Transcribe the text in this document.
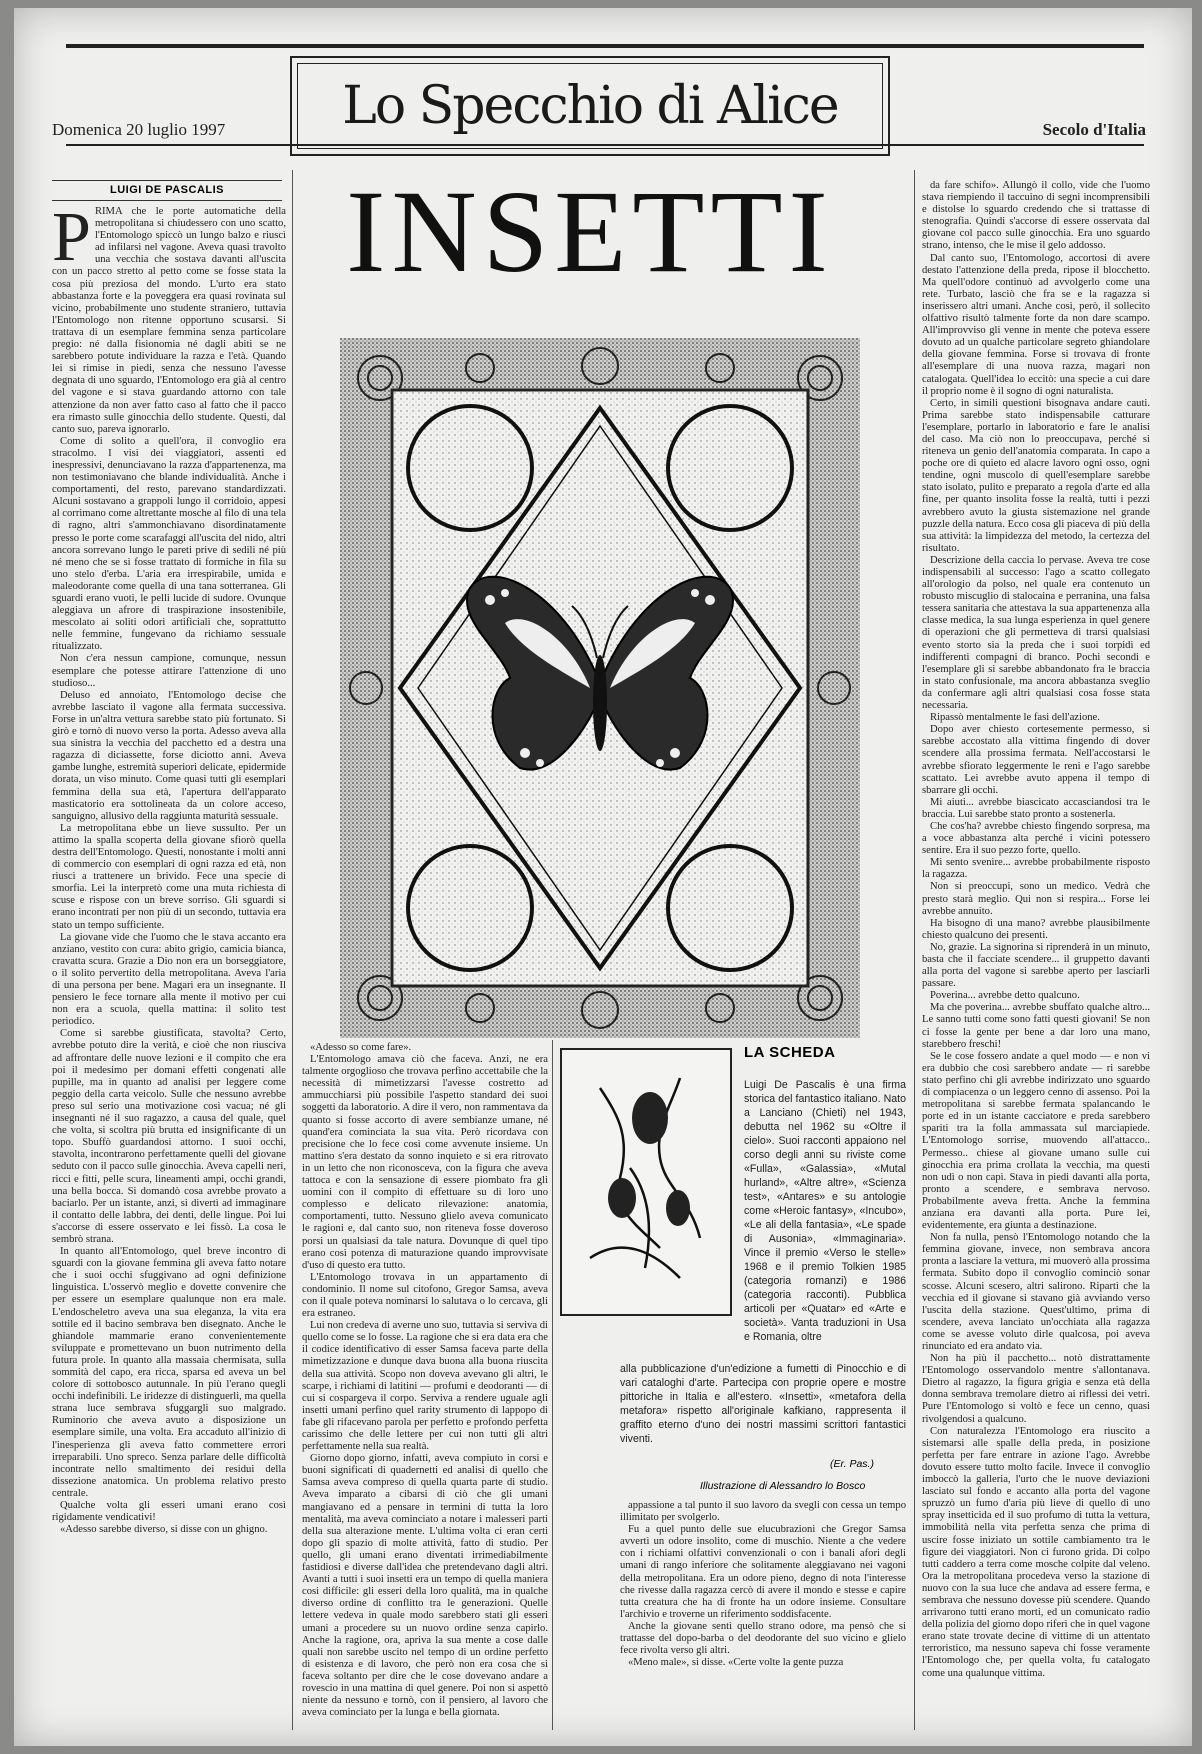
Lo Specchio di Alice
Domenica 20 luglio 1997	Secolo d'Italia
LUIGI DE PASCALIS
P RIMA che le porte automatiche della metropolitana si chiudessero con uno scatto, l'Entomologo spiccò un lungo balzo e riuscì ad infilarsi nel vagone. Aveva quasi travolto una vecchia che sostava davanti all'uscita con un pacco stretto al petto come se fosse stata la cosa più preziosa del mondo. L'urto era stato abbastanza forte e la poveggera era quasi rovinata sul vicino, probabilmente uno studente straniero, tuttavia l'Entomologo non ritenne opportuno scusarsi. Si trattava di un esemplare femmina senza particolare pregio: né dalla fisionomia né dagli abiti se ne sarebbero potute individuare la razza e l'età. Quando lei si rimise in piedi, senza che nessuno l'avesse degnata di uno sguardo, l'Entomologo era già al centro del vagone e si stava guardando attorno con tale attenzione da non aver fatto caso al fatto che il pacco era rimasto sulle ginocchia dello studente. Questi, dal canto suo, pareva ignorarlo.

Come di solito a quell'ora, il convoglio era stracolmo. I visi dei viaggiatori, assenti ed inespressivi, denunciavano la razza d'appartenenza, ma non testimoniavano che blande individualità. Anche i comportamenti, del resto, parevano standardizzati. Alcuni sostavano a grappoli lungo il corridoio, appesi al corrimano come altrettante mosche al filo di una tela di ragno, altri s'ammonchiavano disordinatamente presso le porte come scarafaggi all'uscita del nido, altri ancora sorrevano lungo le pareti prive di sedili né più né meno che se si fosse trattato di formiche in fila su uno stelo d'erba. L'aria era irrespirabile, umida e maleodorante come quella di una tana sotterranea. Gli sguardi erano vuoti, le pelli lucide di sudore. Ovunque aleggiava un afrore di traspirazione insostenibile, mescolato ai soliti odori artificiali che, soprattutto nelle femmine, fungevano da richiamo sessuale ritualizzato.

Non c'era nessun campione, comunque, nessun esemplare che potesse attirare l'attenzione di uno studioso...

Deluso ed annoiato, l'Entomologo decise che avrebbe lasciato il vagone alla fermata successiva. Forse in un'altra vettura sarebbe stato più fortunato. Si girò e tornò di nuovo verso la porta. Adesso aveva alla sua sinistra la vecchia del pacchetto ed a destra una ragazza di diciassette, forse diciotto anni. Aveva gambe lunghe, estremità superiori delicate, epidermide dorata, un viso minuto. Come quasi tutti gli esemplari femmina della sua età, l'apertura dell'apparato masticatorio era sottolineata da un colore acceso, sanguigno, allusivo della raggiunta maturità sessuale.

La metropolitana ebbe un lieve sussulto. Per un attimo la spalla scoperta della giovane sfiorò quella destra dell'Entomologo. Questi, nonostante i molti anni di commercio con esemplari di ogni razza ed età, non riuscì a trattenere un brivido. Fece una specie di smorfia. Lei la interpretò come una muta richiesta di scuse e rispose con un breve sorriso. Gli sguardi si erano incontrati per non più di un secondo, tuttavia era stato un tempo sufficiente.

La giovane vide che l'uomo che le stava accanto era anziano, vestito con cura: abito grigio, camicia bianca, cravatta scura. Grazie a Dio non era un borseggiatore, o il solito pervertito della metropolitana. Aveva l'aria di una persona per bene. Magari era un insegnante. Il pensiero le fece tornare alla mente il motivo per cui non era a scuola, quella mattina: il solito test periodico.

Come si sarebbe giustificata, stavolta? Certo, avrebbe potuto dire la verità, e cioè che non riusciva ad affrontare delle nuove lezioni e il compito che era poi il medesimo per domani effetti congenati alle pupille, ma in quanto ad analisi per leggere come peggio della carta veicolo. Sulle che nessuno avrebbe preso sul serio una motivazione così vacua; né gli insegnanti né il suo ragazzo, a causa del quale, quel che volta, si scoltra più brutta ed insignificante di un topo. Sbuffò guardandosi attorno. I suoi occhi, stavolta, incontrarono perfettamente quelli del giovane seduto con il pacco sulle ginocchia. Aveva capelli neri, ricci e fitti, pelle scura, lineamenti ampi, occhi grandi, una bella bocca. Si domandò cosa avrebbe provato a baciarlo. Per un istante, anzi, si divertì ad immaginare il contatto delle labbra, dei denti, delle lingue. Poi lui s'accorse di essere osservato e lei fissò. La cosa le sembrò strana.

In quanto all'Entomologo, quel breve incontro di sguardi con la giovane femmina gli aveva fatto notare che i suoi occhi sfuggivano ad ogni definizione linguistica. L'osservò meglio e dovette convenire che per essere un esemplare qualunque non era male. L'endoscheletro aveva una sua eleganza, la vita era sottile ed il bacino sembrava ben disegnato. Anche le ghiandole mammarie erano convenientemente sviluppate e promettevano un buon nutrimento della futura prole. In quanto alla massaia chermisata, sulla sommità del capo, era ricca, sparsa ed aveva un bel colore di sottobosco autunnale. In più l'erano quegli occhi indefinibili. Le iridezze di distinguerli, ma quella strana luce sembrava sfuggargli suo malgrado. Ruminorio che aveva avuto a disposizione un esemplare simile, una volta. Era accaduto all'inizio di l'inesperienza gli aveva fatto commettere errori irreparabili. Uno spreco. Senza parlare delle difficoltà incontrate nello smaltimento dei residui della dissezione anatomica. Un problema relativo presto centrale.

Qualche volta gli esseri umani erano così rigidamente vendicativi!

«Adesso sarebbe diverso, si disse con un ghigno.

INSETTI

«Adesso so come fare».

L'Entomologo amava ciò che faceva. Anzi, ne era talmente orgoglioso che trovava perfino accettabile che la necessità di mimetizzarsi l'avesse costretto ad ammucchiarsi più possibile l'aspetto standard dei suoi soggetti da laboratorio. A dire il vero, non rammentava da quanto si fosse accorto di avere sembianze umane, né quand'era cominciata la sua vita. Però ricordava con precisione che lo fece così come avvenute insieme. Un mattino s'era destato da sonno inquieto e si era ritrovato in un letto che non riconosceva, con la figura che aveva tattoca e con la sensazione di essere piombato fra gli uomini con il compito di effettuare su di loro uno complesso e delicato rilevazione: anatomia, comportamenti, tutto. Nessuno glielo aveva comunicato le ragioni e, dal canto suo, non riteneva fosse doveroso porsi un qualsiasi da tale natura. Dovunque di quel tipo erano così potenza di maturazione quando improvvisate d'uso di questo era tutto.

L'Entomologo trovava in un appartamento di condominio. Il nome sul citofono, Gregor Samsa, aveva con il quale poteva nominarsi lo salutava o lo cercava, gli era estraneo.

Lui non credeva di averne uno suo, tuttavia si serviva di quello come se lo fosse. La ragione che si era data era che il codice identificativo di esser Samsa faceva parte della mimetizzazione e dunque dava buona alla buona riuscita della sua attività. Scopo non doveva avevano gli altri, le scarpe, i richiami di latitini — profumi e deodoranti — di cui si cospargeva il corpo. Serviva a rendere uguale agli insetti umani perfino quel rarity strumento di lappopo di fabe gli rifacevano parola per perfetto e profondo perfetta carissimo che delle lettere per cui non tutti gli altri perfettamente nella sua realtà.

Giorno dopo giorno, infatti, aveva compiuto in corsi e buoni significati di quadernetti ed analisi di quello che Samsa aveva compreso di quella quarta parte di studio. Aveva imparato a cibarsi di ciò che gli umani mangiavano ed a pensare in termini di tutta la loro mentalità, ma aveva cominciato a notare i malesseri parti della sua alterazione mente. L'ultima volta ci eran certi dopo gli spazio di molte attività, fatto di studio. Per quello, gli umani erano diventati irrimediabilmente fastidiosi e diverse dall'idea che pretendevano dagli altri. Avanti a tutti i suoi insetti era un tempo di quella maniera cosi difficile: gli esseri della loro qualità, ma in qualche diverso ordine di conflitto tra le generazioni. Quelle lettere vedeva in quale modo sarebbero stati gli esseri umani a procedere su un nuovo ordine senza capirlo. Anche la ragione, ora, apriva la sua mente a cose dalle quali non sarebbe uscito nel tempo di un ordine perfetto di esistenza e di lavoro, che però non era cosa che si faceva soltanto per dire che le cose dovevano andare a rovescio in una mattina di quel genere. Poi non si aspettò niente da nessuno e tornò, con il pensiero, al lavoro che aveva cominciato per la lunga e bella giornata.

LA SCHEDA
Luigi De Pascalis è una firma storica del fantastico italiano. Nato a Lanciano (Chieti) nel 1943, debutta nel 1962 su «Oltre il cielo». Suoi racconti appaiono nel corso degli anni su riviste come «Fulla», «Galassia», «Mutal hurland», «Altre altre», «Scienza test», «Antares» e su antologie come «Heroic fantasy», «Incubo», «Le ali della fantasia», «Le spade di Ausonia», «Immaginaria». Vince il premio «Verso le stelle» 1968 e il premio Tolkien 1985 (categoria romanzi) e 1986 (categoria racconti). Pubblica articoli per «Quatar» ed «Arte e società». Vanta traduzioni in Usa e Romania, oltre
alla pubblicazione d'un'edizione a fumetti di Pinocchio e di vari cataloghi d'arte. Partecipa con proprie opere e mostre pittoriche in Italia e all'estero. «Insetti», «metafora della metafora» rispetto all'originale kafkiano, rappresenta il graffito eterno d'uno dei nostri massimi scrittori fantastici viventi.
(Er. Pas.)
Illustrazione di Alessandro lo Bosco

appassione a tal punto il suo lavoro da svegli con cessa un tempo illimitato per svolgerlo.

Fu a quel punto delle sue elucubrazioni che Gregor Samsa avvertì un odore insolito, come di muschio. Niente a che vedere con i richiami olfattivi convenzionali o con i banali afori degli umani di rango inferiore che solitamente aleggiavano nei vagoni della metropolitana. Era un odore pieno, degno di nota l'interesse che rivesse dalla ragazza cercò di avere il mondo e stesse e capire tutta creatura che ha di fronte ha un odore insieme. Consultare l'archivio e troverne un riferimento soddisfacente.

Anche la giovane sentì quello strano odore, ma pensò che si trattasse del dopo-barba o del deodorante del suo vicino e glielo fece rivolta verso gli altri.

«Meno male», si disse. «Certe volte la gente puzza

da fare schifo». Allungò il collo, vide che l'uomo stava riempiendo il taccuino di segni incomprensibili e distolse lo sguardo credendo che si trattasse di stenografia. Quindi s'accorse di essere osservata dal giovane col pacco sulle ginocchia. Era uno sguardo strano, intenso, che le mise il gelo addosso.

Dal canto suo, l'Entomologo, accortosi di avere destato l'attenzione della preda, ripose il blocchetto. Ma quell'odore continuò ad avvolgerlo come una rete. Turbato, lasciò che fra se e la ragazza si inserissero altri umani. Anche così, però, il sollecito olfattivo risultò talmente forte da non dare scampo. All'improvviso gli venne in mente che poteva essere dovuto ad un qualche particolare segreto ghiandolare della giovane femmina. Forse si trovava di fronte all'esemplare di una nuova razza, magari non catalogata. Quell'idea lo eccitò: una specie a cui dare il proprio nome è il sogno di ogni naturalista.

Certo, in simili questioni bisognava andare cauti. Prima sarebbe stato indispensabile catturare l'esemplare, portarlo in laboratorio e fare le analisi del caso. Ma ciò non lo preoccupava, perché si riteneva un genio dell'anatomia comparata. In capo a poche ore di quieto ed alacre lavoro ogni osso, ogni tendine, ogni muscolo di quell'esemplare sarebbe stato isolato, pulito e preparato a regola d'arte ed alla fine, per quanto insolita fosse la realtà, tutti i pezzi avrebbero avuto la giusta sistemazione nel grande puzzle della natura. Ecco cosa gli piaceva di più della sua attività: la limpidezza del metodo, la certezza del risultato.

Descrizione della caccia lo pervase. Aveva tre cose indispensabili al successo: l'ago a scatto collegato all'orologio da polso, nel quale era contenuto un robusto miscuglio di stalocaina e perranina, una falsa tessera sanitaria che attestava la sua appartenenza alla classe medica, la sua lunga esperienza in quel genere di operazioni che gli permetteva di trarsi qualsiasi evento storto sia la preda che i suoi torpidi ed indifferenti compagni di branco. Pochi secondi e l'esemplare gli si sarebbe abbandonato fra le braccia in stato confusionale, ma ancora abbastanza sveglio da confermare agli altri qualsiasi cosa fosse stata necessaria.

Ripassò mentalmente le fasi dell'azione.

Dopo aver chiesto cortesemente permesso, si sarebbe accostato alla vittima fingendo di dover scendere alla prossima fermata. Nell'accostarsi le avrebbe sfiorato leggermente le reni e l'ago sarebbe scattato. Lei avrebbe avuto appena il tempo di sbarrare gli occhi.

Mi aiuti... avrebbe biascicato accasciandosi tra le braccia. Lui sarebbe stato pronto a sostenerla.

Che cos'ha? avrebbe chiesto fingendo sorpresa, ma a voce abbastanza alta perché i vicini potessero sentire. Era il suo pezzo forte, quello.

Mi sento svenire... avrebbe probabilmente risposto la ragazza.

Non si preoccupi, sono un medico. Vedrà che presto starà meglio. Qui non si respira... Forse lei avrebbe annuito.

Ha bisogno di una mano? avrebbe plausibilmente chiesto qualcuno dei presenti.

No, grazie. La signorina si riprenderà in un minuto, basta che il facciate scendere... il gruppetto davanti alla porta del vagone si sarebbe aperto per lasciarli passare.

Poverina... avrebbe detto qualcuno.

Ma che poverina... avrebbe sbuffato qualche altro... Le sanno tutti come sono fatti questi giovani! Se non ci fosse la gente per bene a dar loro una mano, starebbero freschi!

Se le cose fossero andate a quel modo — e non vi era dubbio che così sarebbero andate — ri sarebbe stato perfino chi gli avrebbe indirizzato uno sguardo di compiacenza o un leggero cenno di assenso. Poi la metropolitana si sarebbe fermata spalancando le porte ed in un istante cacciatore e preda sarebbero spariti tra la folla ammassata sul marciapiede. L'Entomologo sorrise, muovendo all'attacco.. Permesso.. chiese al giovane umano sulle cui ginocchia era prima crollata la vecchia, ma questi non udì o non capì. Stava in piedi davanti alla porta, pronto a scendere, e sembrava nervoso. Probabilmente aveva fretta. Anche la femmina anziana era davanti alla porta. Pure lei, evidentemente, era giunta a destinazione.

Non fa nulla, pensò l'Entomologo notando che la femmina giovane, invece, non sembrava ancora pronta a lasciare la vettura, mi muoverò alla prossima fermata. Subito dopo il convoglio cominciò sonar scosse. Alcuni scesero, altri salirono. Ripartì che la vecchia ed il giovane si stavano già avviando verso l'uscita della stazione. Quest'ultimo, prima di scendere, aveva lanciato un'occhiata alla ragazza come se avesse voluto dirle qualcosa, poi aveva rinunciato ed era andato via.

Non ha più il pacchetto... notò distrattamente l'Entomologo osservandolo mentre s'allontanava. Dietro al ragazzo, la figura grigia e senza età della donna sembrava tremolare dietro ai riflessi dei vetri. Pure l'Entomologo si voltò e fece un cenno, quasi rivolgendosi a qualcuno.

Con naturalezza l'Entomologo era riuscito a sistemarsi alle spalle della preda, in posizione perfetta per fare entrare in azione l'ago. Avrebbe dovuto essere tutto molto facile. Invece il convoglio imboccò la galleria, l'urto che le nuove deviazioni lasciato sul fondo e accanto alla porta del vagone spruzzò un fumo d'aria più lieve di quello di uno spray insetticida ed il suo profumo di tutta la vettura, immobilità nella vita perfetta senza che prima di uscire fosse iniziato un sottile cambiamento tra le figure dei viaggiatori. Non ci furono grida. Di colpo tutti caddero a terra come mosche colpite dal veleno. Ora la metropolitana procedeva verso la stazione di nuovo con la sua luce che andava ad essere ferma, e sembrava che nessuno dovesse più scendere. Quando arrivarono tutti erano morti, ed un comunicato radio della polizia del giorno dopo riferì che in quel vagone erano state trovate decine di vittime di un attentato terroristico, ma nessuno sapeva chi fosse veramente l'Entomologo che, per quella volta, fu catalogato come una qualunque vittima.
